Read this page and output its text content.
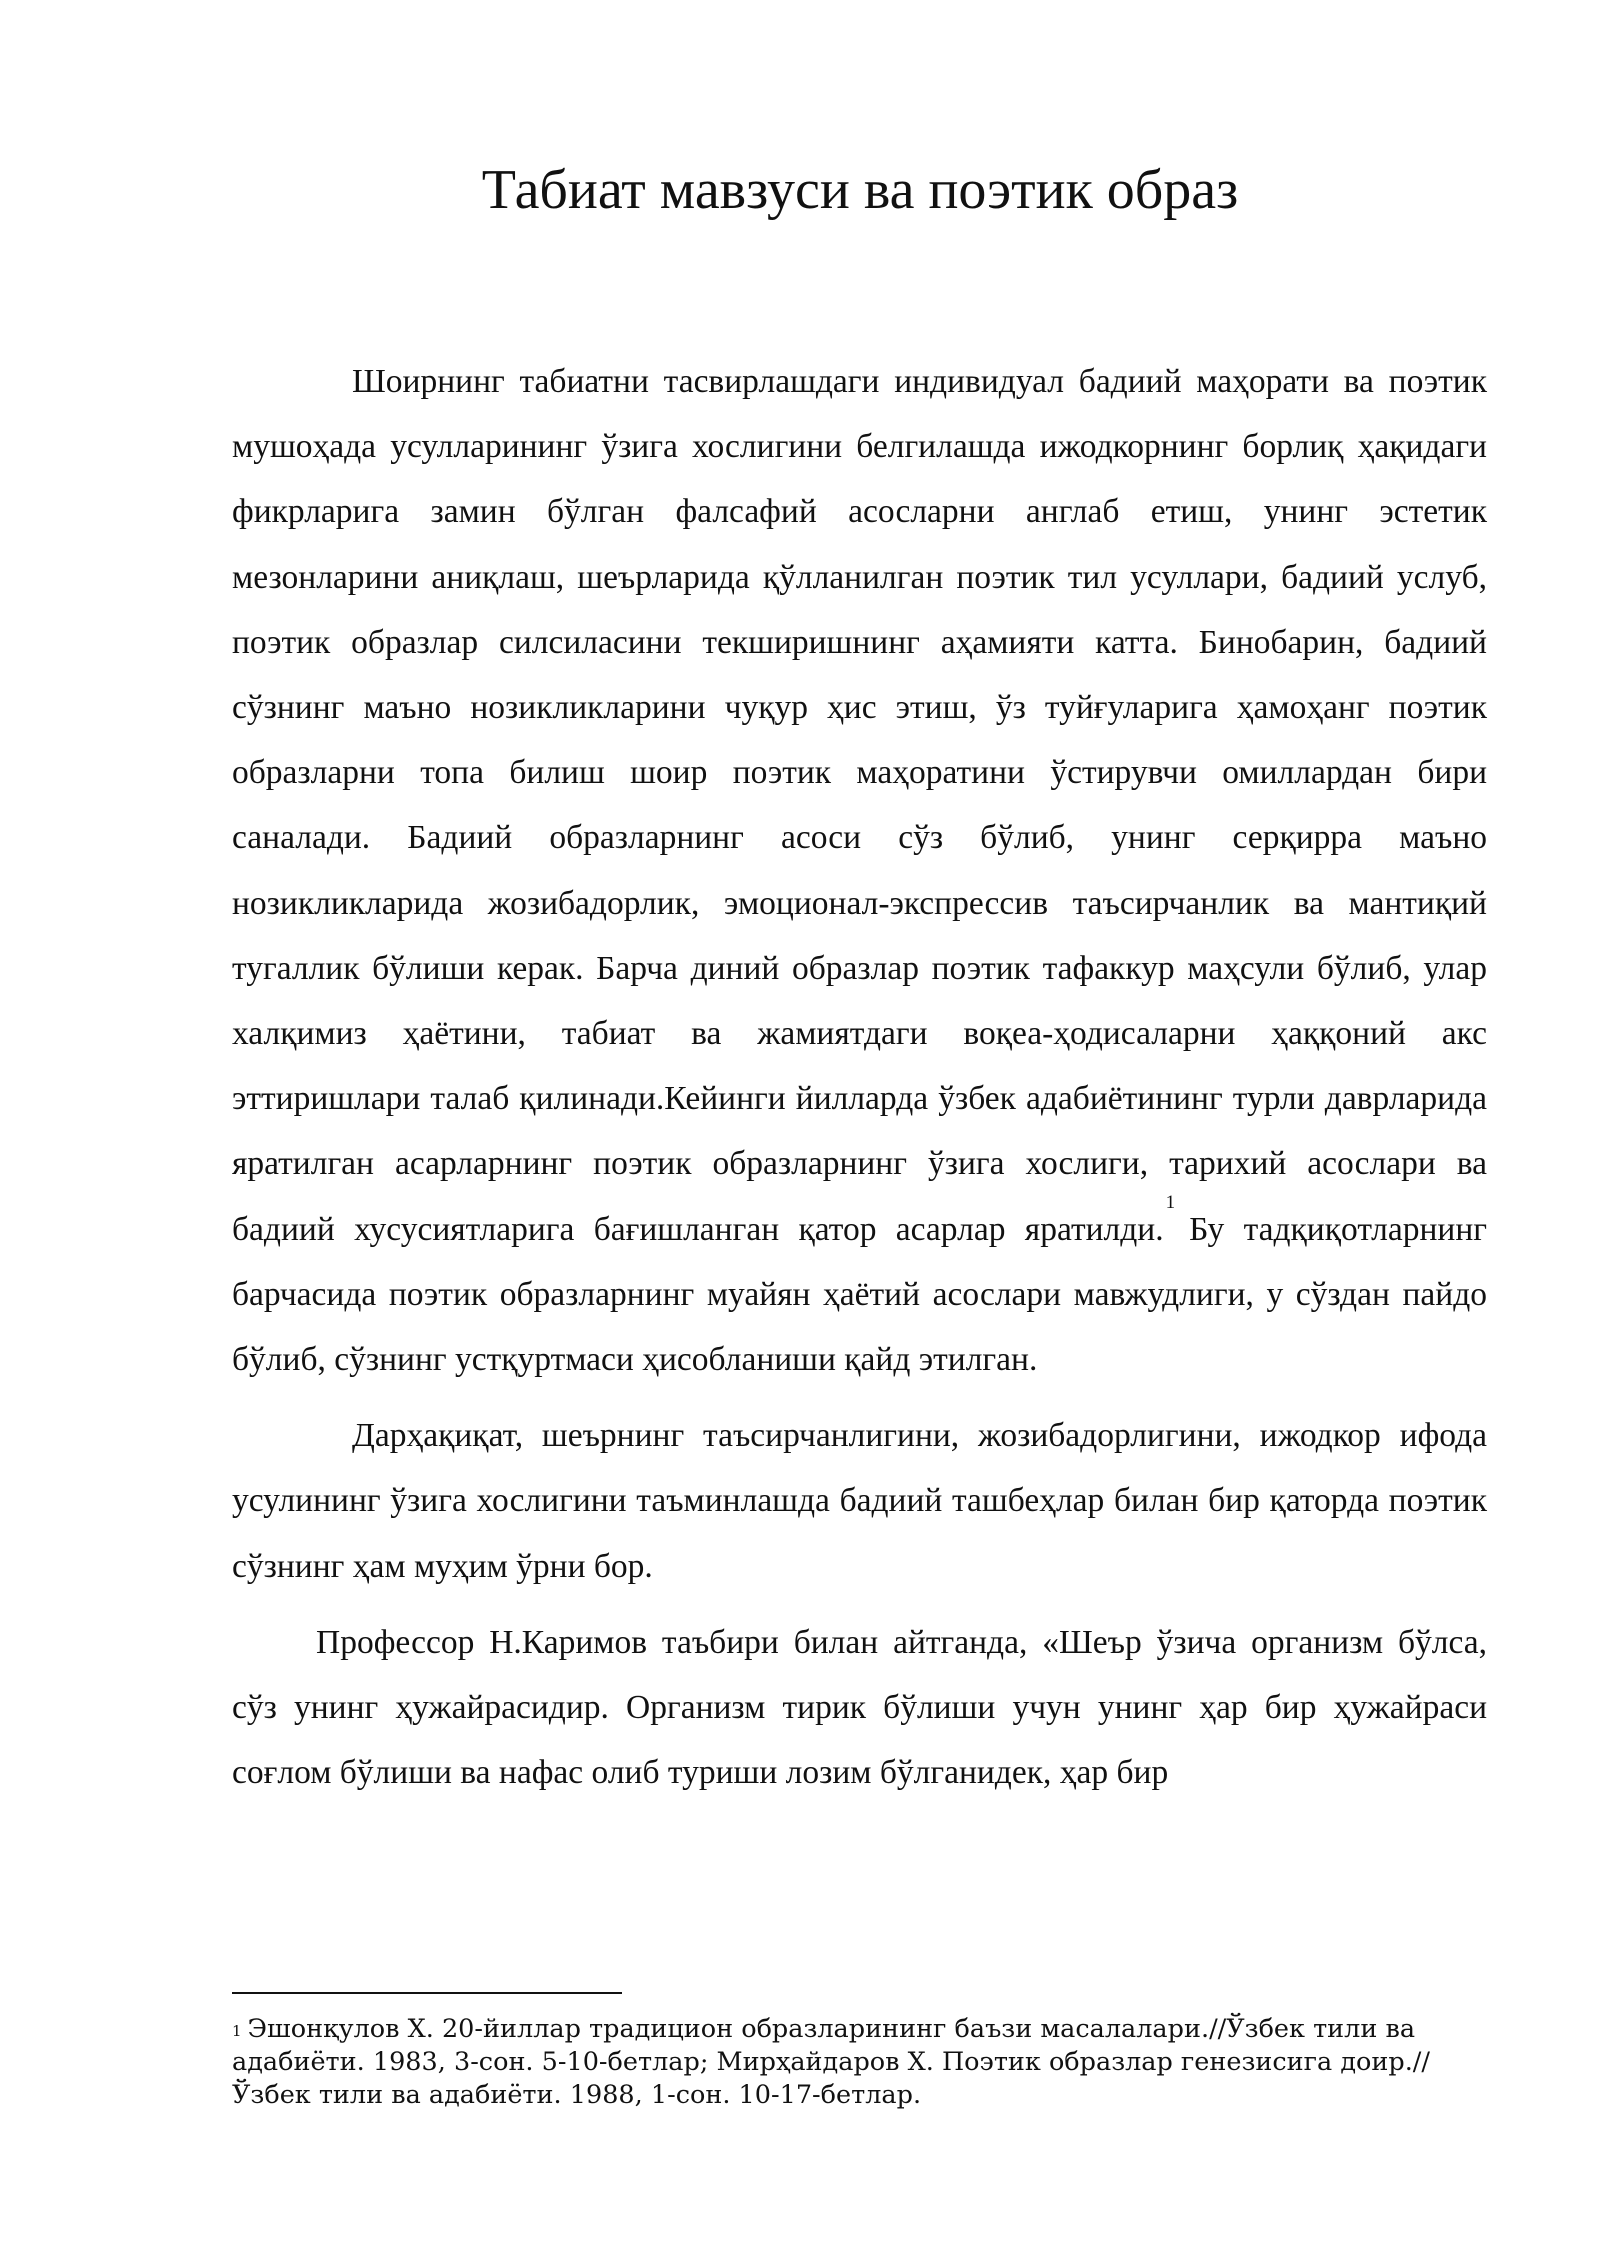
Табиат мавзуси ва поэтик образ

Шоирнинг табиатни тасвирлашдаги индивидуал бадиий маҳорати ва поэтик мушоҳада усулларининг ўзига хослигини белгилашда ижодкорнинг борлиқ ҳақидаги фикрларига замин бўлган фалсафий асосларни англаб етиш, унинг эстетик мезонларини аниқлаш, шеърларида қўлланилган поэтик тил усуллари, бадиий услуб, поэтик образлар силсиласини текширишнинг аҳамияти катта. Бинобарин, бадиий сўзнинг маъно нозикликларини чуқур ҳис этиш, ўз туйғуларига ҳамоҳанг поэтик образларни топа билиш шоир поэтик маҳоратини ўстирувчи омиллардан бири саналади. Бадиий образларнинг асоси сўз бўлиб, унинг серқирра маъно нозикликларида жозибадорлик, эмоционал-экспрессив таъсирчанлик ва мантиқий тугаллик бўлиши керак. Барча диний образлар поэтик тафаккур маҳсули бўлиб, улар халқимиз ҳаётини, табиат ва жамиятдаги воқеа-ҳодисаларни ҳаққоний акс эттиришлари талаб қилинади.Кейинги йилларда ўзбек адабиётининг турли даврларида яратилган асарларнинг поэтик образларнинг ўзига хослиги, тарихий асослари ва бадиий хусусиятларига бағишланган қатор асарлар яратилди.$^1$Бу тадқиқотларнинг барчасида поэтик образларнинг муайян ҳаётий асослари мавжудлиги, у сўздан пайдо бўлиб, сўзнинг устқуртмаси ҳисобланиши қайд этилган.

Дарҳақиқат, шеърнинг таъсирчанлигини, жозибадорлигини, ижодкор ифода усулининг ўзига хослигини таъминлашда бадиий ташбеҳлар билан бир қаторда поэтик сўзнинг ҳам муҳим ўрни бор.

Профессор Н.Каримов таъбири билан айтганда, «Шеър ўзича организм бўлса, сўз унинг ҳужайрасидир. Организм тирик бўлиши учун унинг ҳар бир ҳужайраси соғлом бўлиши ва нафас олиб туриши лозим бўлганидек, ҳар бир

$^1$ Эшонқулов Х. 20-йиллар традицион образларининг баъзи масалалари.//Ўзбек тили ва адабиёти. 1983, 3-сон. 5-10-бетлар; Мирҳайдаров Х. Поэтик образлар генезисига доир.//Ўзбек тили ва адабиёти. 1988, 1-сон. 10-17-бетлар.
